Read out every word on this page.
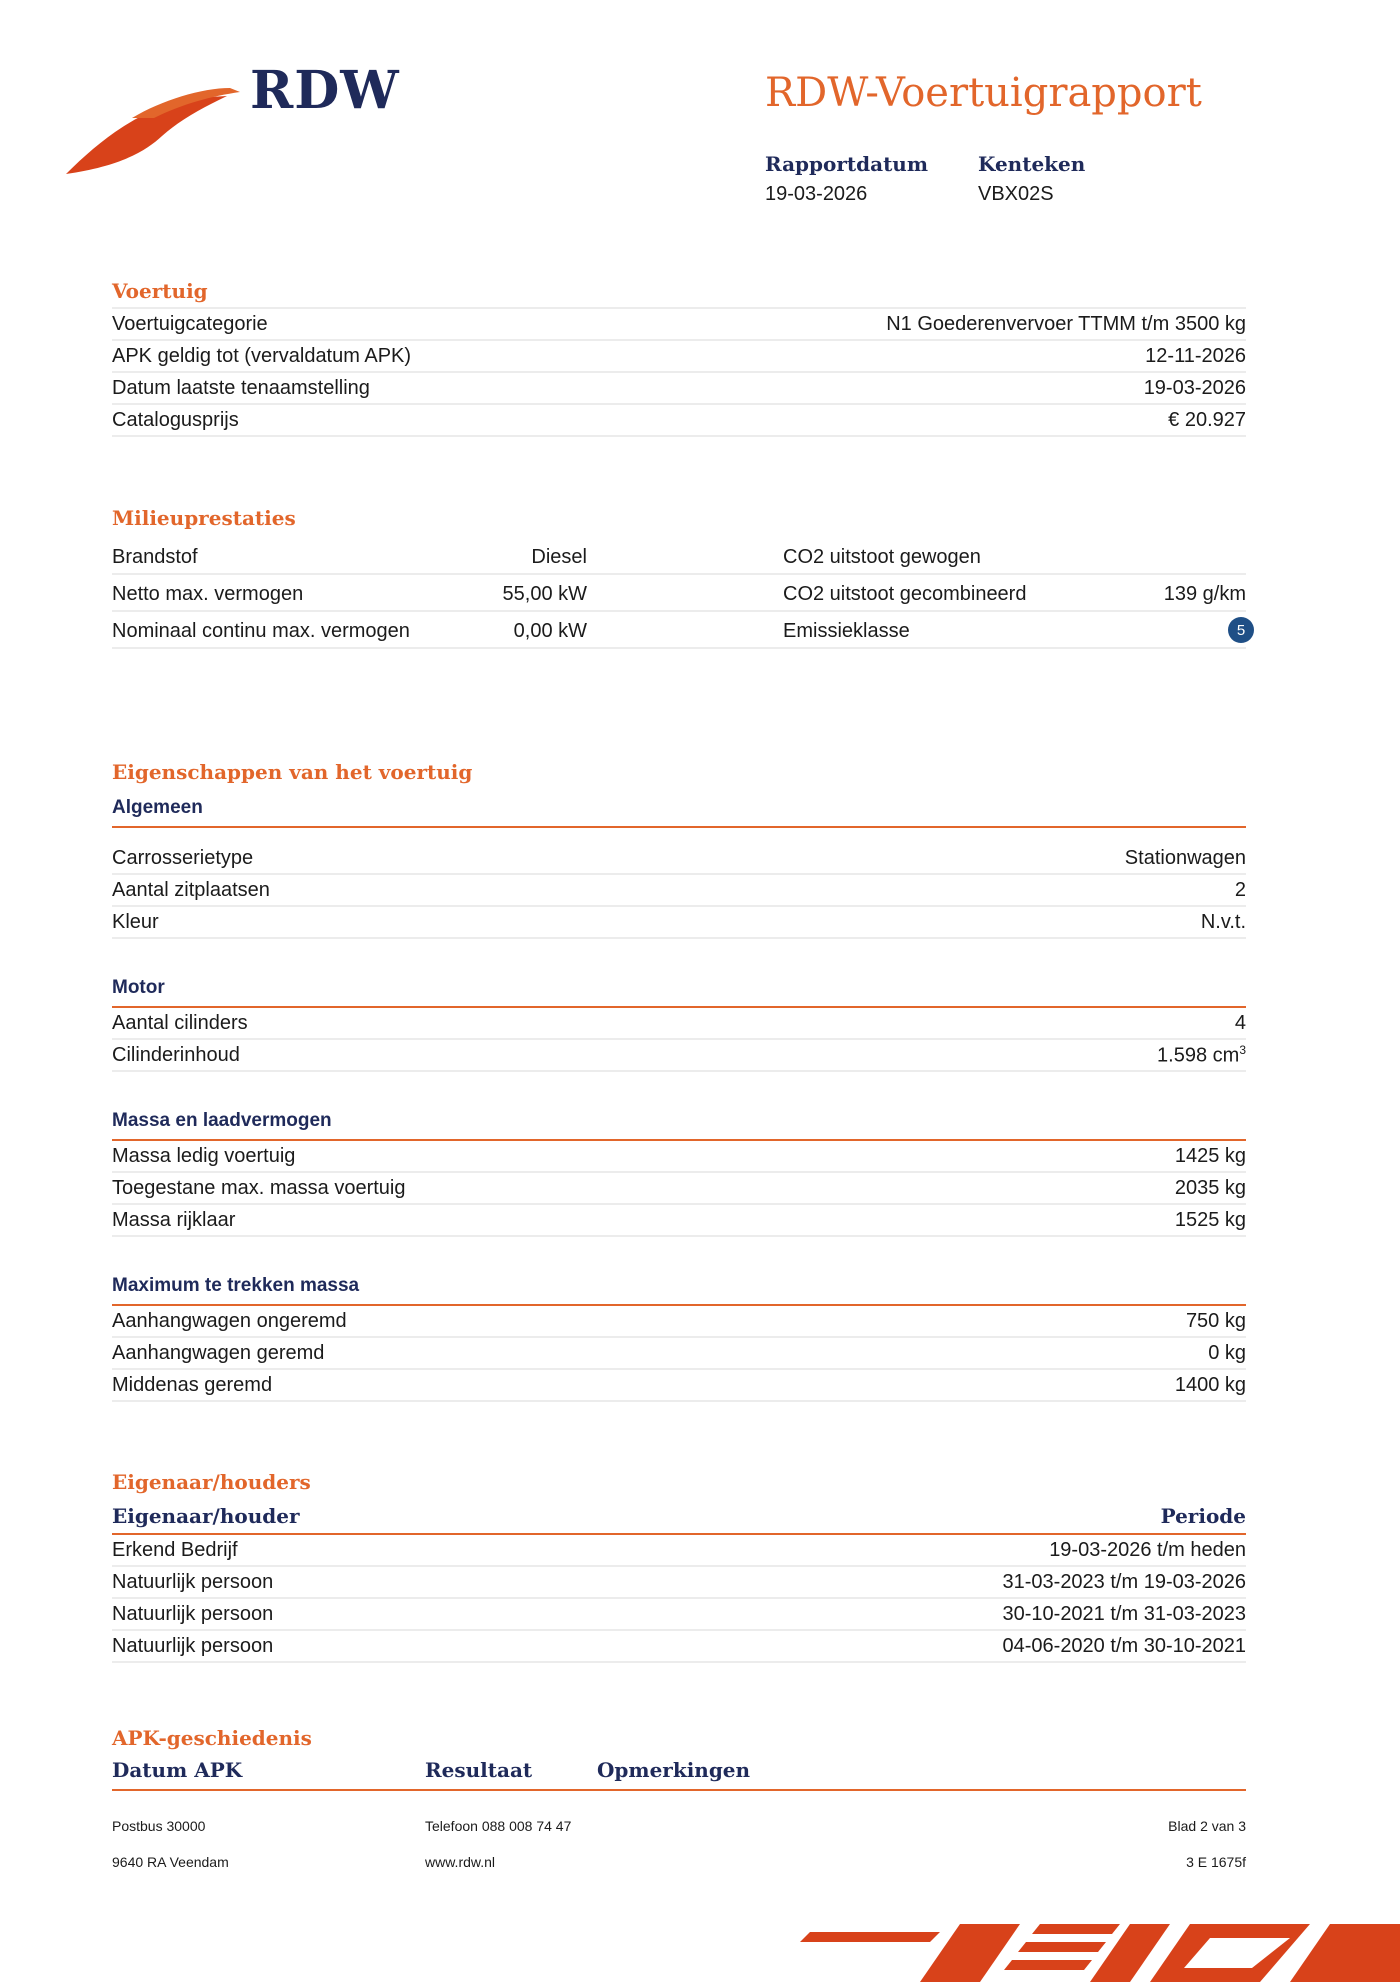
RDW	RDW-Voertuigrapport
Rapportdatum
19-03-2026
Kenteken
VBX02S
Voertuig
Voertuigcategorie	N1 Goederenvervoer TTMM t/m 3500 kg
APK geldig tot (vervaldatum APK)	12-11-2026
Datum laatste tenaamstelling	19-03-2026
Catalogusprijs	€ 20.927
Milieuprestaties
Brandstof	Diesel	CO2 uitstoot gewogen
Netto max. vermogen	55,00 kW	CO2 uitstoot gecombineerd	139 g/km
Nominaal continu max. vermogen	0,00 kW	Emissieklasse	5
Eigenschappen van het voertuig
Algemeen
Carrosserietype	Stationwagen
Aantal zitplaatsen	2
Kleur	N.v.t.
Motor
Aantal cilinders	4
Cilinderinhoud	1.598 $cm^3$
Massa en laadvermogen
Massa ledig voertuig	1425 kg
Toegestane max. massa voertuig	2035 kg
Massa rijklaar	1525 kg
Maximum te trekken massa
Aanhangwagen ongeremd	750 kg
Aanhangwagen geremd	0 kg
Middenas geremd	1400 kg
Eigenaar/houders
Eigenaar/houder	Periode
Erkend Bedrijf	19-03-2026 t/m heden
Natuurlijk persoon	31-03-2023 t/m 19-03-2026
Natuurlijk persoon	30-10-2021 t/m 31-03-2023
Natuurlijk persoon	04-06-2020 t/m 30-10-2021
APK-geschiedenis
Datum APK	Resultaat	Opmerkingen
Postbus 30000
9640 RA Veendam
Telefoon 088 008 74 47
www.rdw.nl
Blad 2 van 3
3 E 1675f
